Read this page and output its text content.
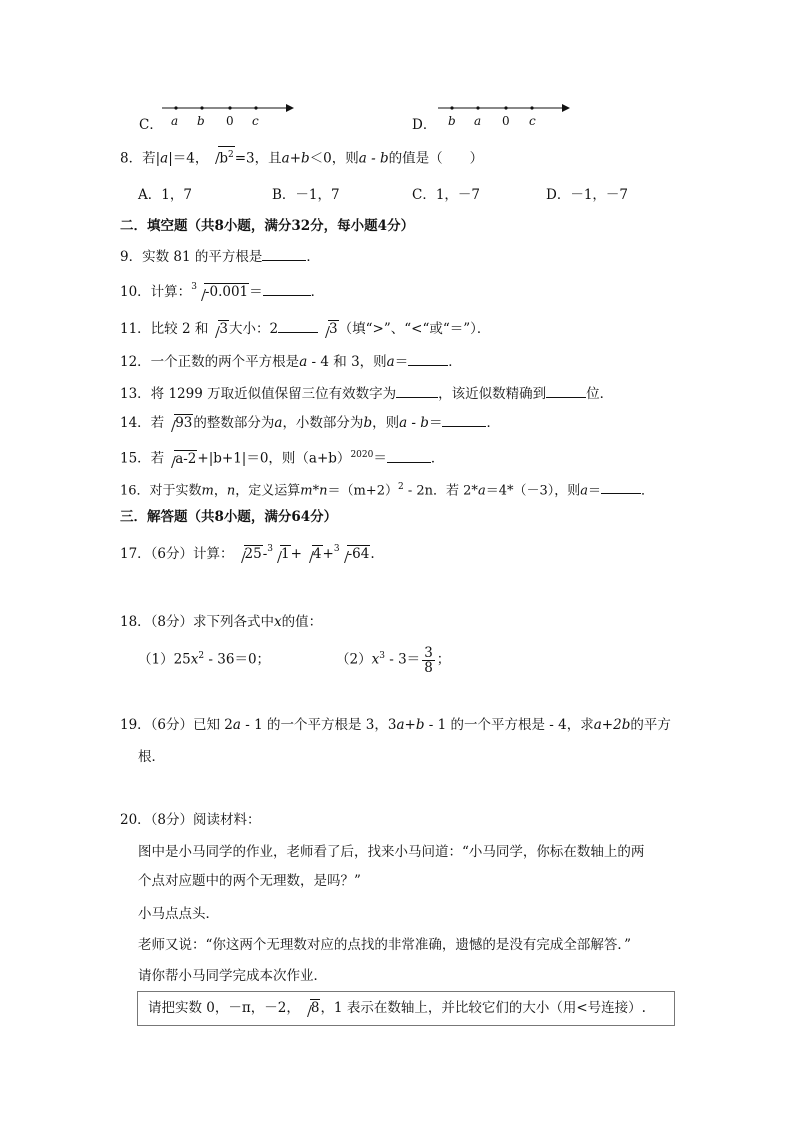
C． a b 0 c	D． b a 0 c
8．若|a|＝4， $b^2=3$，且a+b＜0，则a - b的值是（　　）
A．1，7	B．－1，7	C．1，－7	D．－1，－7
二．填空题（共8小题，满分32分，每小题4分）
9．实数 81 的平方根是	．
10．计算：$^3$ -0.001＝	．
11．比较 2 和 3大小：2	3（填“>”、“<“或“＝”）．
12．一个正数的两个平方根是a - 4 和 3，则a＝	．
13．将 1299 万取近似值保留三位有效数字为	，该近似数精确到	位．
14．若 93的整数部分为a，小数部分为b，则a - b＝	．
15．若 a-2+|b+1|＝0，则$(a+b)^{2020}=$	．
16．对于实数m，n，定义运算$m*n=(m+2)^2 - 2n$．若 2*a＝4*（－3），则a＝	．
三．解答题（共8小题，满分64分）
17．（6分）计算： 25-$^3$ 1+ 4+$^3$ -64.
18．（8分）求下列各式中x的值：
$(1)25x^2 - 36=0$；	$(2)x^3 - 3= \frac{3}{8}$ ；
19．（6分）已知 2a - 1 的一个平方根是 3，3a+b - 1 的一个平方根是 - 4，求a+2b的平方
根．
20．（8分）阅读材料：
图中是小马同学的作业，老师看了后，找来小马问道：“小马同学，你标在数轴上的两
个点对应题中的两个无理数，是吗？”
小马点点头．
老师又说：“你这两个无理数对应的点找的非常准确，遗憾的是没有完成全部解答．”
请你帮小马同学完成本次作业．
请把实数 0，－π，－2， 8，1 表示在数轴上，并比较它们的大小（用<号连接）.
